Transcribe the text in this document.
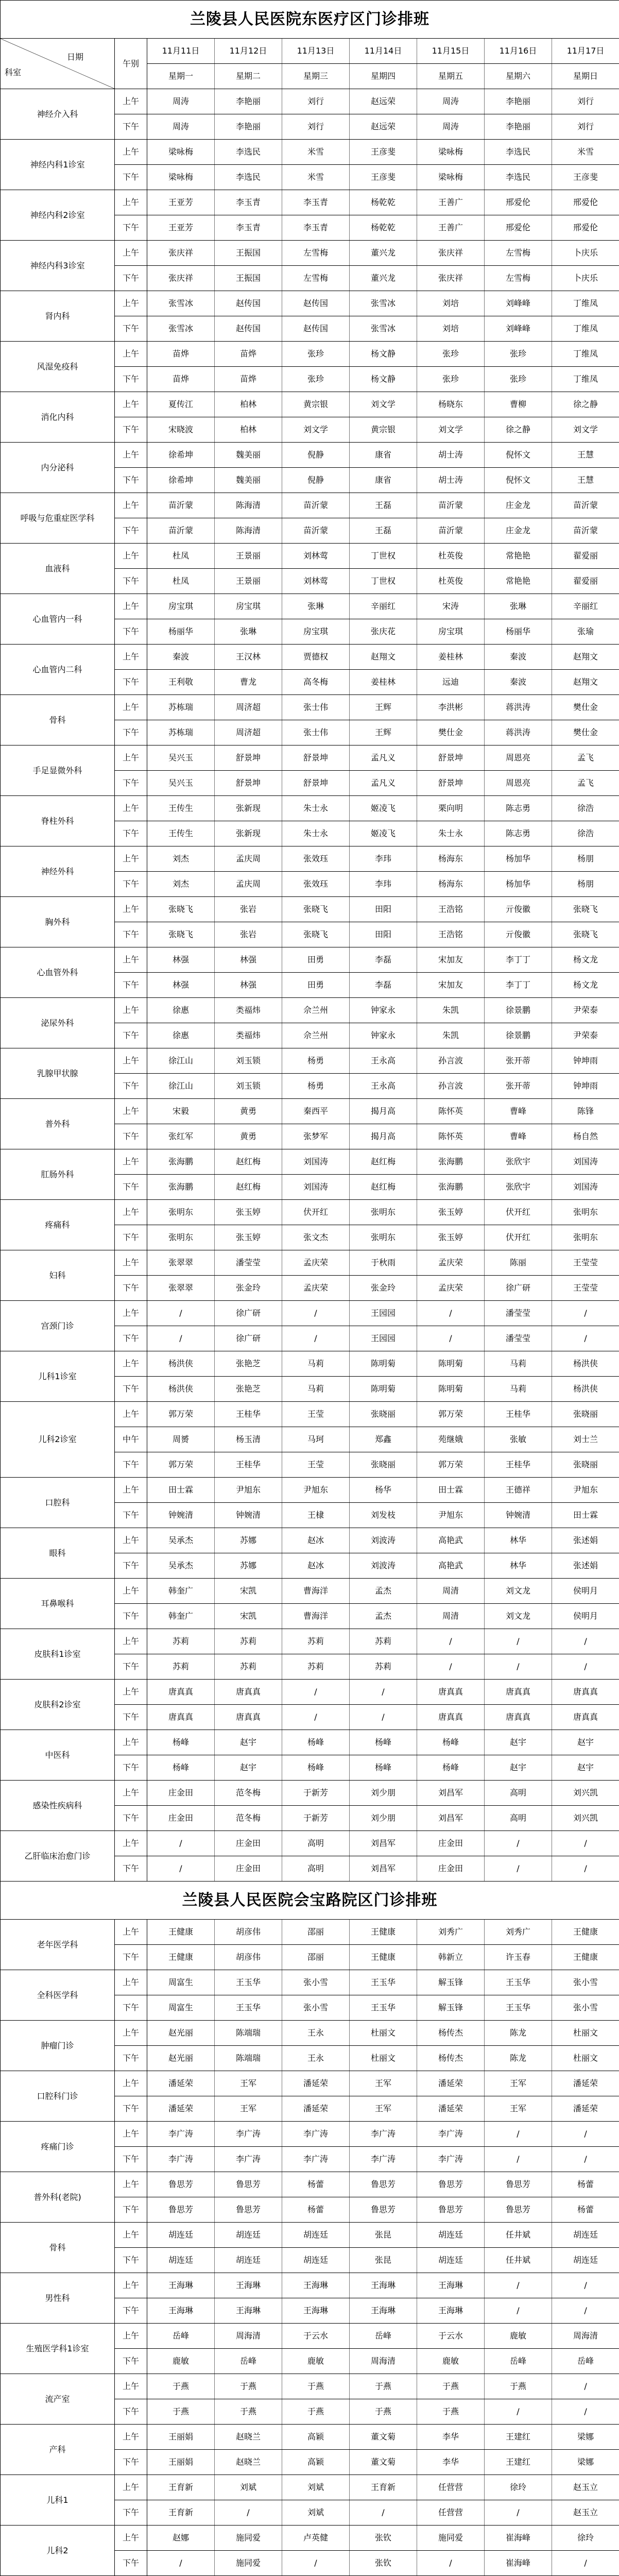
兰陵县人民医院东医疗区门诊排班								

日期
科室	午别	11月11日	11月12日	11月13日	11月14日	11月15日	11月16日	11月17日
		星期一	星期二	星期三	星期四	星期五	星期六	星期日
神经介入科	上午	周涛	李艳丽	刘行	赵远荣	周涛	李艳丽	刘行
	下午	周涛	李艳丽	刘行	赵远荣	周涛	李艳丽	刘行
神经内科1诊室	上午	梁咏梅	李选民	米雪	王彦斐	梁咏梅	李选民	米雪
	下午	梁咏梅	李选民	米雪	王彦斐	梁咏梅	李选民	王彦斐
神经内科2诊室	上午	王亚芳	李玉青	李玉青	杨乾乾	王善广	邢爱伦	邢爱伦
	下午	王亚芳	李玉青	李玉青	杨乾乾	王善广	邢爱伦	邢爱伦
神经内科3诊室	上午	张庆祥	王振国	左雪梅	董兴龙	张庆祥	左雪梅	卜庆乐
	下午	张庆祥	王振国	左雪梅	董兴龙	张庆祥	左雪梅	卜庆乐
肾内科	上午	张雪冰	赵传国	赵传国	张雪冰	刘培	刘峰峰	丁维凤
	下午	张雪冰	赵传国	赵传国	张雪冰	刘培	刘峰峰	丁维凤
风湿免疫科	上午	苗烨	苗烨	张珍	杨文静	张珍	张珍	丁维凤
	下午	苗烨	苗烨	张珍	杨文静	张珍	张珍	丁维凤
消化内科	上午	夏传江	柏林	黄宗银	刘文学	杨晓东	曹柳	徐之静
	下午	宋晓波	柏林	刘文学	黄宗银	刘文学	徐之静	刘文学
内分泌科	上午	徐希坤	魏美丽	倪静	康省	胡士涛	倪怀文	王慧
	下午	徐希坤	魏美丽	倪静	康省	胡士涛	倪怀文	王慧
呼吸与危重症医学科	上午	苗沂蒙	陈海清	苗沂蒙	王磊	苗沂蒙	庄金龙	苗沂蒙
	下午	苗沂蒙	陈海清	苗沂蒙	王磊	苗沂蒙	庄金龙	苗沂蒙
血液科	上午	杜凤	王景丽	刘林莺	丁世权	杜英俊	常艳艳	翟爱丽
	下午	杜凤	王景丽	刘林莺	丁世权	杜英俊	常艳艳	翟爱丽
心血管内一科	上午	房宝琪	房宝琪	张琳	辛丽红	宋涛	张琳	辛丽红
	下午	杨丽华	张琳	房宝琪	张庆花	房宝琪	杨丽华	张瑜
心血管内二科	上午	秦波	王汉林	贾德权	赵翔文	姜桂林	秦波	赵翔文
	下午	王利敬	曹龙	高冬梅	姜桂林	远迪	秦波	赵翔文
骨科	上午	苏栋瑞	周济超	张士伟	王辉	李洪彬	蒋洪涛	樊仕金
	下午	苏栋瑞	周济超	张士伟	王辉	樊仕金	蒋洪涛	樊仕金
手足显微外科	上午	吴兴玉	舒景坤	舒景坤	孟凡义	舒景坤	周恩亮	孟飞
	下午	吴兴玉	舒景坤	舒景坤	孟凡义	舒景坤	周恩亮	孟飞
脊柱外科	上午	王传生	张新现	朱士永	姬凌飞	栗向明	陈志勇	徐浩
	下午	王传生	张新现	朱士永	姬凌飞	朱士永	陈志勇	徐浩
神经外科	上午	刘杰	孟庆周	张效珏	李玮	杨海东	杨加华	杨朋
	下午	刘杰	孟庆周	张效珏	李玮	杨海东	杨加华	杨朋
胸外科	上午	张晓飞	张岩	张晓飞	田阳	王浩铭	亓俊徽	张晓飞
	下午	张晓飞	张岩	张晓飞	田阳	王浩铭	亓俊徽	张晓飞
心血管外科	上午	林强	林强	田勇	李磊	宋加友	李丁丁	杨文龙
	下午	林强	林强	田勇	李磊	宋加友	李丁丁	杨文龙
泌尿外科	上午	徐惠	类福炜	佘兰州	钟家永	朱凯	徐景鹏	尹荣泰
	下午	徐惠	类福炜	佘兰州	钟家永	朱凯	徐景鹏	尹荣泰
乳腺甲状腺	上午	徐江山	刘玉锁	杨勇	王永高	孙言波	张开蒂	钟坤雨
	下午	徐江山	刘玉锁	杨勇	王永高	孙言波	张开蒂	钟坤雨
普外科	上午	宋毅	黄勇	秦西平	揭月高	陈怀英	曹峰	陈锋
	下午	张红军	黄勇	张梦军	揭月高	陈怀英	曹峰	杨自然
肛肠外科	上午	张海鹏	赵红梅	刘国涛	赵红梅	张海鹏	张欣宇	刘国涛
	下午	张海鹏	赵红梅	刘国涛	赵红梅	张海鹏	张欣宇	刘国涛
疼痛科	上午	张明东	张玉婷	伏开红	张明东	张玉婷	伏开红	张明东
	下午	张明东	张玉婷	张文杰	张明东	张玉婷	伏开红	张明东
妇科	上午	张翠翠	潘莹莹	孟庆荣	于秋雨	孟庆荣	陈丽	王莹莹
	下午	张翠翠	张金玲	孟庆荣	张金玲	孟庆荣	徐广研	王莹莹
宫颈门诊	上午	/	徐广研	/	王园园	/	潘莹莹	/
	下午	/	徐广研	/	王园园	/	潘莹莹	/
儿科1诊室	上午	杨洪侠	张艳芝	马莉	陈明菊	陈明菊	马莉	杨洪侠
	下午	杨洪侠	张艳芝	马莉	陈明菊	陈明菊	马莉	杨洪侠
儿科2诊室	上午	郭万荣	王桂华	王莹	张晓丽	郭万荣	王桂华	张晓丽
	中午	周赟	杨玉清	马珂	郑鑫	苑继娥	张敏	刘士兰
	下午	郭万荣	王桂华	王莹	张晓丽	郭万荣	王桂华	张晓丽
口腔科	上午	田士霖	尹旭东	尹旭东	杨华	田士霖	王德祥	尹旭东
	下午	钟婉清	钟婉清	王棣	刘发枝	尹旭东	钟婉清	田士霖
眼科	上午	吴承杰	苏娜	赵冰	刘波涛	高艳武	林华	张述娟
	下午	吴承杰	苏娜	赵冰	刘波涛	高艳武	林华	张述娟
耳鼻喉科	上午	韩奎广	宋凯	曹海洋	孟杰	周清	刘文龙	侯明月
	下午	韩奎广	宋凯	曹海洋	孟杰	周清	刘文龙	侯明月
皮肤科1诊室	上午	苏莉	苏莉	苏莉	苏莉	/	/	/
	下午	苏莉	苏莉	苏莉	苏莉	/	/	/
皮肤科2诊室	上午	唐真真	唐真真	/	/	唐真真	唐真真	唐真真
	下午	唐真真	唐真真	/	/	唐真真	唐真真	唐真真
中医科	上午	杨峰	赵宇	杨峰	杨峰	杨峰	赵宇	赵宇
	下午	杨峰	赵宇	杨峰	杨峰	杨峰	赵宇	赵宇
感染性疾病科	上午	庄金田	范冬梅	于新芳	刘少朋	刘昌军	高明	刘兴凯
	下午	庄金田	范冬梅	于新芳	刘少朋	刘昌军	高明	刘兴凯
乙肝临床治愈门诊	上午	/	庄金田	高明	刘昌军	庄金田	/	/
	下午	/	庄金田	高明	刘昌军	庄金田	/	/
兰陵县人民医院会宝路院区门诊排班								
老年医学科	上午	王健康	胡彦伟	邵丽	王健康	刘秀广	刘秀广	王健康
	下午	王健康	胡彦伟	邵丽	王健康	韩新立	许玉春	王健康
全科医学科	上午	周富生	王玉华	张小雪	王玉华	解玉锋	王玉华	张小雪
	下午	周富生	王玉华	张小雪	王玉华	解玉锋	王玉华	张小雪
肿瘤门诊	上午	赵光丽	陈端瑞	王永	杜丽文	杨传杰	陈龙	杜丽文
	下午	赵光丽	陈端瑞	王永	杜丽文	杨传杰	陈龙	杜丽文
口腔科门诊	上午	潘延荣	王军	潘延荣	王军	潘延荣	王军	潘延荣
	下午	潘延荣	王军	潘延荣	王军	潘延荣	王军	潘延荣
疼痛门诊	上午	李广涛	李广涛	李广涛	李广涛	李广涛	/	/
	下午	李广涛	李广涛	李广涛	李广涛	李广涛	/	/
普外科(老院)	上午	鲁思芳	鲁思芳	杨蕾	鲁思芳	鲁思芳	鲁思芳	杨蕾
	下午	鲁思芳	鲁思芳	杨蕾	鲁思芳	鲁思芳	鲁思芳	杨蕾
骨科	上午	胡连廷	胡连廷	胡连廷	张昆	胡连廷	任井斌	胡连廷
	下午	胡连廷	胡连廷	胡连廷	张昆	胡连廷	任井斌	胡连廷
男性科	上午	王海琳	王海琳	王海琳	王海琳	王海琳	/	/
	下午	王海琳	王海琳	王海琳	王海琳	王海琳	/	/
生殖医学科1诊室	上午	岳峰	周海清	于云水	岳峰	于云水	鹿敏	周海清
	下午	鹿敏	岳峰	鹿敏	周海清	鹿敏	岳峰	岳峰
流产室	上午	于燕	于燕	于燕	于燕	于燕	于燕	/
	下午	于燕	于燕	于燕	于燕	于燕	/	/
产科	上午	王丽娟	赵晓兰	高颖	董文菊	李华	王建红	梁娜
	下午	王丽娟	赵晓兰	高颖	董文菊	李华	王建红	梁娜
儿科1	上午	王育新	刘斌	刘斌	王育新	任营营	徐玲	赵玉立
	下午	王育新	/	刘斌	/	任营营	/	赵玉立
儿科2	上午	赵娜	施同爱	卢英健	张钦	施同爱	崔海峰	徐玲
	下午	/	施同爱	/	张钦	/	崔海峰	/
